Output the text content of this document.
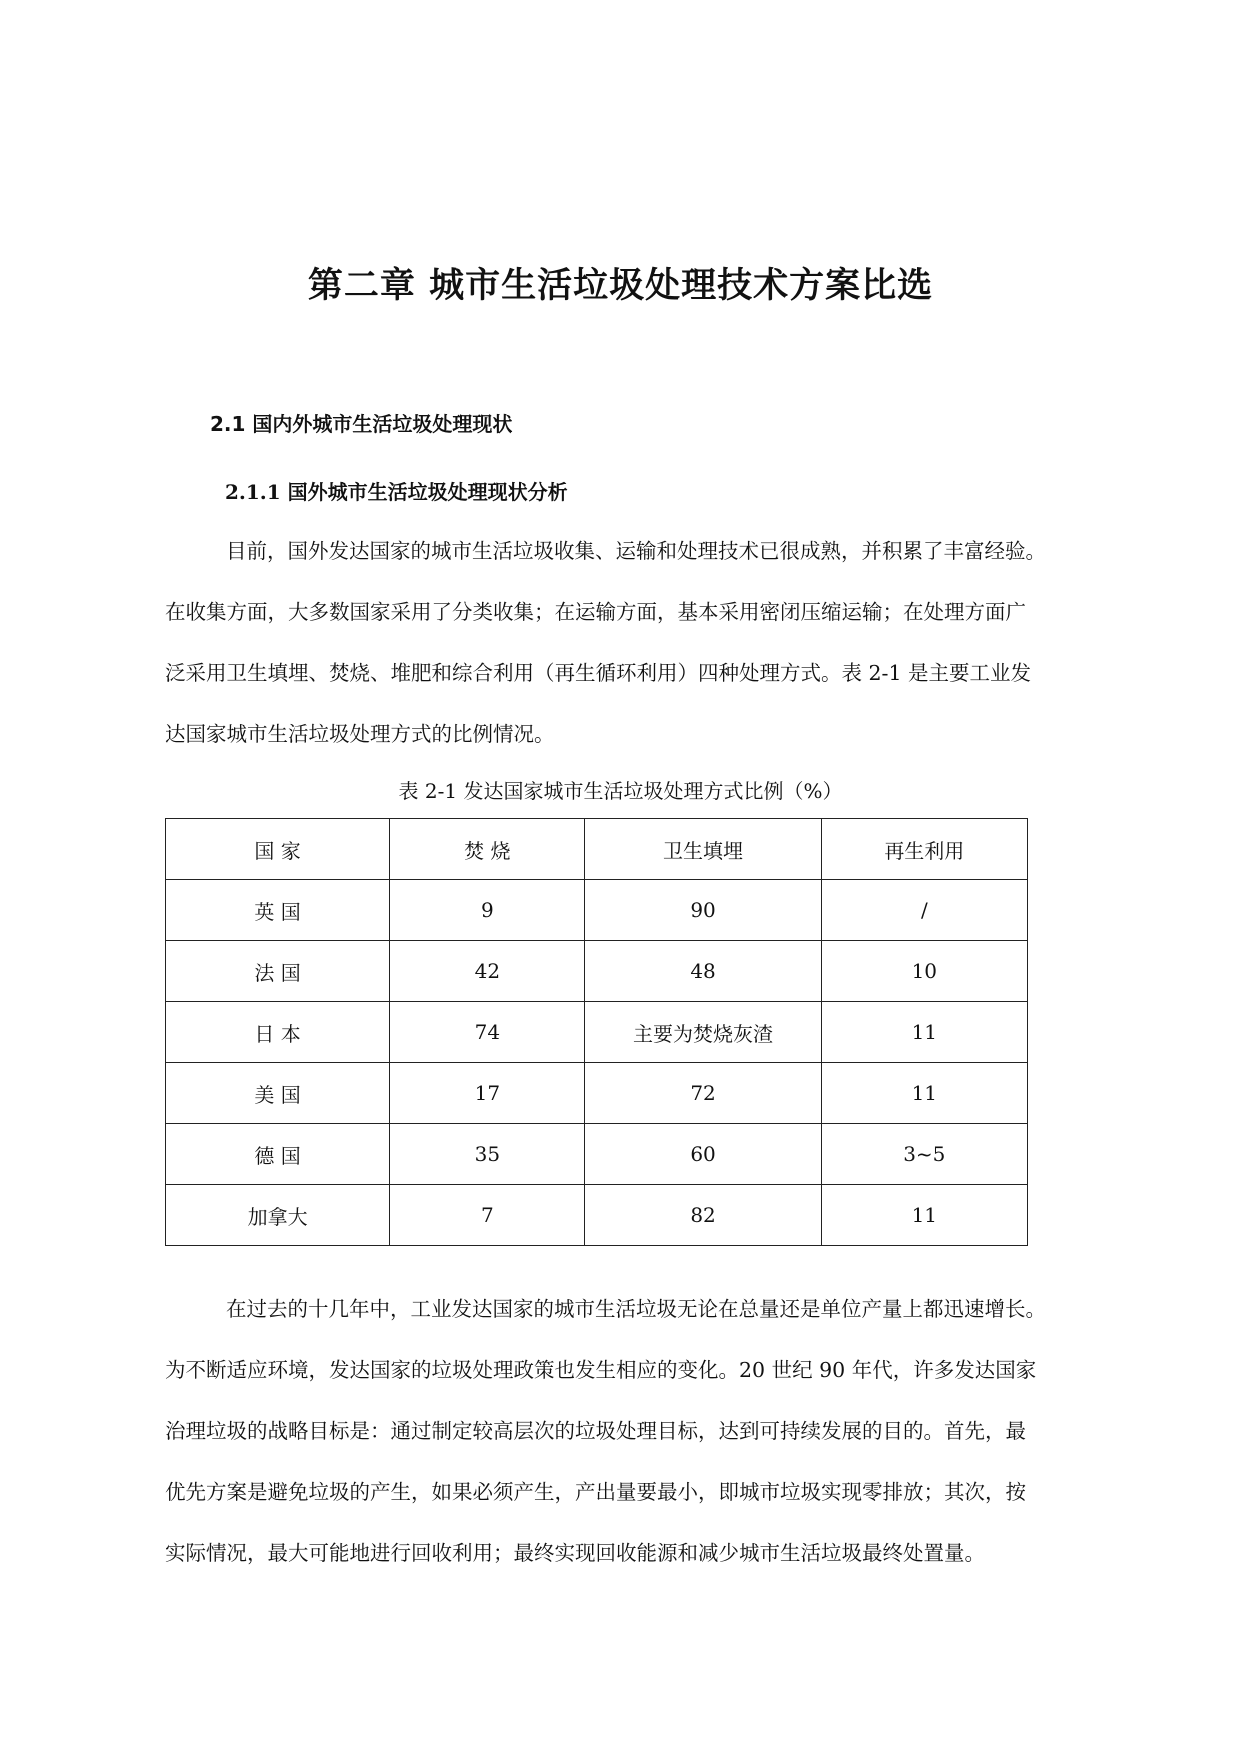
第二章 城市生活垃圾处理技术方案比选
2.1 国内外城市生活垃圾处理现状
2.1.1 国外城市生活垃圾处理现状分析
目前，国外发达国家的城市生活垃圾收集、运输和处理技术已很成熟，并积累了丰富经验。
在收集方面，大多数国家采用了分类收集；在运输方面，基本采用密闭压缩运输；在处理方面广
泛采用卫生填埋、焚烧、堆肥和综合利用（再生循环利用）四种处理方式。表 2-1 是主要工业发
达国家城市生活垃圾处理方式的比例情况。

表 2-1 发达国家城市生活垃圾处理方式比例（%）

国 家	焚 烧	卫生填埋	再生利用
英 国	9	90	/
法 国	42	48	10
日 本	74	主要为焚烧灰渣	11
美 国	17	72	11
德 国	35	60	3~5
加拿大	7	82	11
在过去的十几年中，工业发达国家的城市生活垃圾无论在总量还是单位产量上都迅速增长。
为不断适应环境，发达国家的垃圾处理政策也发生相应的变化。20 世纪 90 年代，许多发达国家
治理垃圾的战略目标是：通过制定较高层次的垃圾处理目标，达到可持续发展的目的。首先，最
优先方案是避免垃圾的产生，如果必须产生，产出量要最小，即城市垃圾实现零排放；其次，按
实际情况，最大可能地进行回收利用；最终实现回收能源和减少城市生活垃圾最终处置量。
